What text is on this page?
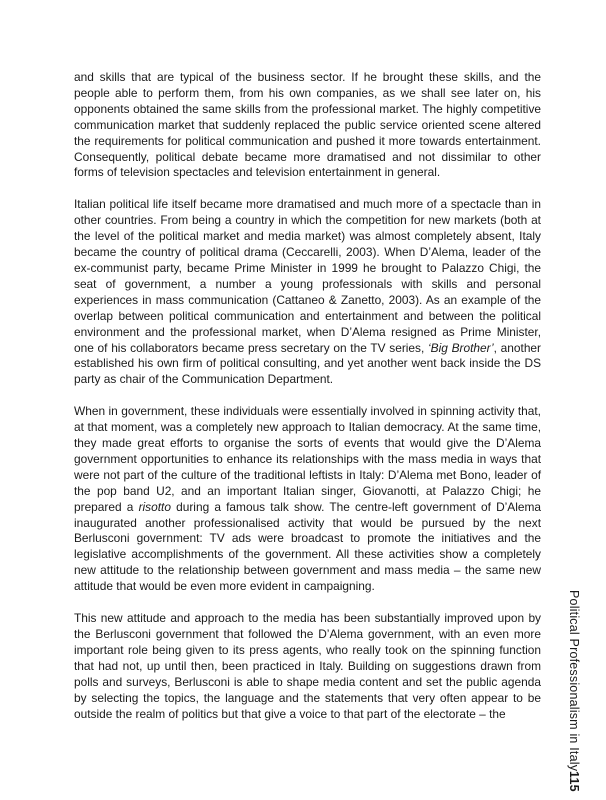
and skills that are typical of the business sector. If he brought these skills, and the people able to perform them, from his own companies, as we shall see later on, his opponents obtained the same skills from the professional market. The highly competitive communication market that suddenly replaced the public service oriented scene altered the requirements for political communication and pushed it more towards entertainment. Consequently, political debate became more dramatised and not dissimilar to other forms of television spectacles and television entertainment in general.

Italian political life itself became more dramatised and much more of a spectacle than in other countries. From being a country in which the competition for new markets (both at the level of the political market and media market) was almost completely absent, Italy became the country of political drama (Ceccarelli, 2003). When D’Alema, leader of the ex-communist party, became Prime Minister in 1999 he brought to Palazzo Chigi, the seat of government, a number a young professionals with skills and personal experiences in mass communication (Cattaneo & Zanetto, 2003). As an example of the overlap between political communication and entertainment and between the political environment and the professional market, when D’Alema resigned as Prime Minister, one of his collaborators became press secretary on the TV series, ‘Big Brother’, another established his own firm of political consulting, and yet another went back inside the DS party as chair of the Communication Department.

When in government, these individuals were essentially involved in spinning activity that, at that moment, was a completely new approach to Italian democracy. At the same time, they made great efforts to organise the sorts of events that would give the D’Alema government opportunities to enhance its relationships with the mass media in ways that were not part of the culture of the traditional leftists in Italy: D’Alema met Bono, leader of the pop band U2, and an important Italian singer, Giovanotti, at Palazzo Chigi; he prepared a risotto during a famous talk show. The centre-left government of D’Alema inaugurated another professionalised activity that would be pursued by the next Berlusconi government: TV ads were broadcast to promote the initiatives and the legislative accomplishments of the government. All these activities show a completely new attitude to the relationship between government and mass media – the same new attitude that would be even more evident in campaigning.

This new attitude and approach to the media has been substantially improved upon by the Berlusconi government that followed the D’Alema government, with an even more important role being given to its press agents, who really took on the spinning function that had not, up until then, been practiced in Italy. Building on suggestions drawn from polls and surveys, Berlusconi is able to shape media content and set the public agenda by selecting the topics, the language and the statements that very often appear to be outside the realm of politics but that give a voice to that part of the electorate – the	Political Professionalism in Italy115
